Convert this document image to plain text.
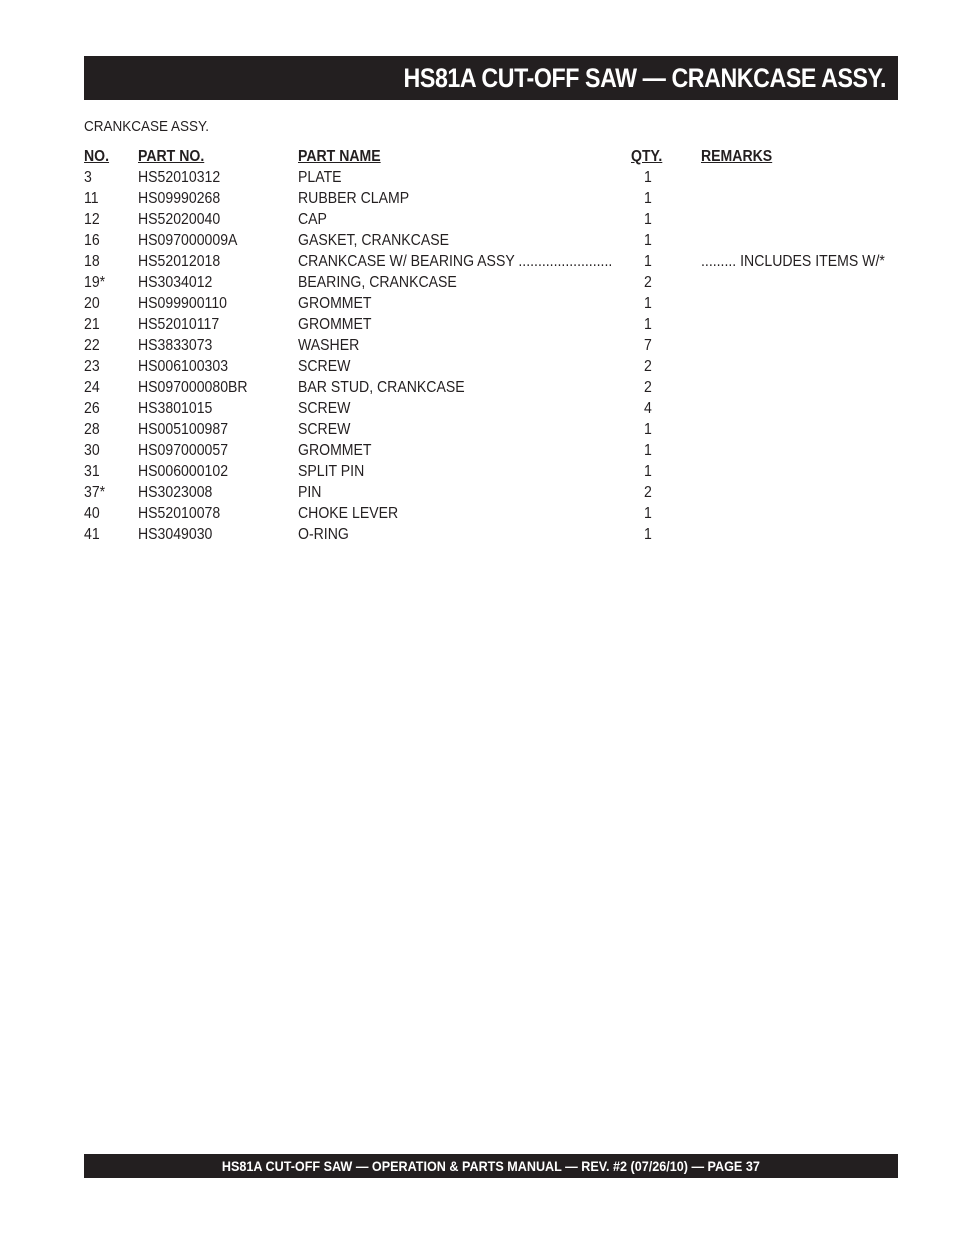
HS81A CUT-OFF SAW — CRANKCASE ASSY.
CRANKCASE ASSY.
NO. PART NO.	PART NAME	QTY. REMARKS
3	HS52010312	PLATE	1
11 HS09990268	RUBBER CLAMP	1
12 HS52020040	CAP	1
16 HS097000009A	GASKET, CRANKCASE	1
18 HS52012018	CRANKCASE W/ BEARING ASSY .....	1
.....	INCLUDES ITEMS W/*
19* HS3034012	BEARING, CRANKCASE	2
20 HS099900110	GROMMET	1
21 HS52010117	GROMMET	1
22 HS3833073	WASHER	7
23 HS006100303	SCREW	2
24 HS097000080BR	BAR STUD, CRANKCASE	2
26 HS3801015	SCREW	4
28 HS005100987	SCREW	1
30 HS097000057	GROMMET	1
31 HS006000102	SPLIT PIN	1
37* HS3023008	PIN	2
40 HS52010078	CHOKE LEVER	1
41 HS3049030	O-RING	1
HS81A CUT-OFF SAW — OPERATION & PARTS MANUAL — REV. #2 (07/26/10) — PAGE 37
